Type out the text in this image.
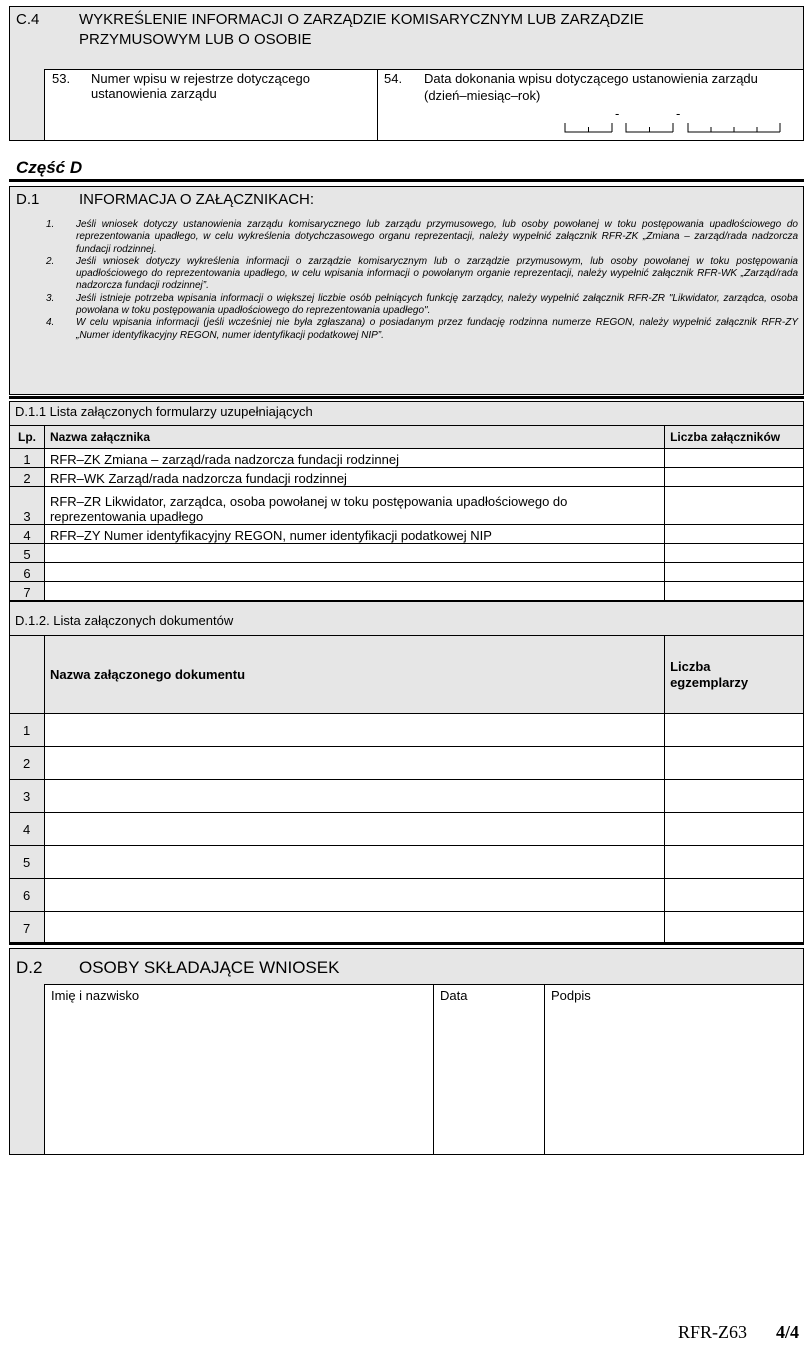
C.4	WYKREŚLENIE INFORMACJI O ZARZĄDZIE KOMISARYCZNYM LUB ZARZĄDZIE
PRZYMUSOWYM LUB O OSOBIE
53. Numer wpisu w rejestrze dotyczącego
ustanowienia zarządu
54. Data dokonania wpisu dotyczącego ustanowienia zarządu
(dzień–miesiąc–rok)
-	-
Część D
D.1	INFORMACJA O ZAŁĄCZNIKACH:
1.	Jeśli wniosek dotyczy ustanowienia zarządu komisarycznego lub zarządu przymusowego, lub osoby powołanej w toku postępowania upadłościowego do reprezentowania upadłego, w celu wykreślenia dotychczasowego organu reprezentacji, należy wypełnić załącznik RFR-ZK „Zmiana – zarząd/rada nadzorcza fundacji rodzinnej.
2.	Jeśli wniosek dotyczy wykreślenia informacji o zarządzie komisarycznym lub o zarządzie przymusowym, lub osoby powołanej w toku postępowania upadłościowego do reprezentowania upadłego, w celu wpisania informacji o powołanym organie reprezentacji, należy wypełnić załącznik RFR-WK „Zarząd/rada nadzorcza fundacji rodzinnej”.
3.	Jeśli istnieje potrzeba wpisania informacji o większej liczbie osób pełniących funkcję zarządcy, należy wypełnić załącznik RFR-ZR "Likwidator, zarządca, osoba powołana w toku postępowania upadłościowego do reprezentowania upadłego".
4.	W celu wpisania informacji (jeśli wcześniej nie była zgłaszana) o posiadanym przez fundację rodzinna numerze REGON, należy wypełnić załącznik RFR-ZY „Numer identyfikacyjny REGON, numer identyfikacji podatkowej NIP”.
D.1.1 Lista załączonych formularzy uzupełniających
Lp.	Nazwa załącznika	Liczba załączników
1	RFR–ZK Zmiana – zarząd/rada nadzorcza fundacji rodzinnej	
2	RFR–WK Zarząd/rada nadzorcza fundacji rodzinnej	
3	RFR–ZR Likwidator, zarządca, osoba powołanej w toku postępowania upadłościowego do
reprezentowania upadłego	
4	RFR–ZY Numer identyfikacyjny REGON, numer identyfikacji podatkowej NIP	
5		
6		
7		
D.1.2. Lista załączonych dokumentów
	Nazwa załączonego dokumentu	Liczba
egzemplarzy
1		
2		
3		
4		
5		
6		
7		
D.2 OSOBY SKŁADAJĄCE WNIOSEK
Imię i nazwisko	Data	Podpis
RFR-Z63 4/4
